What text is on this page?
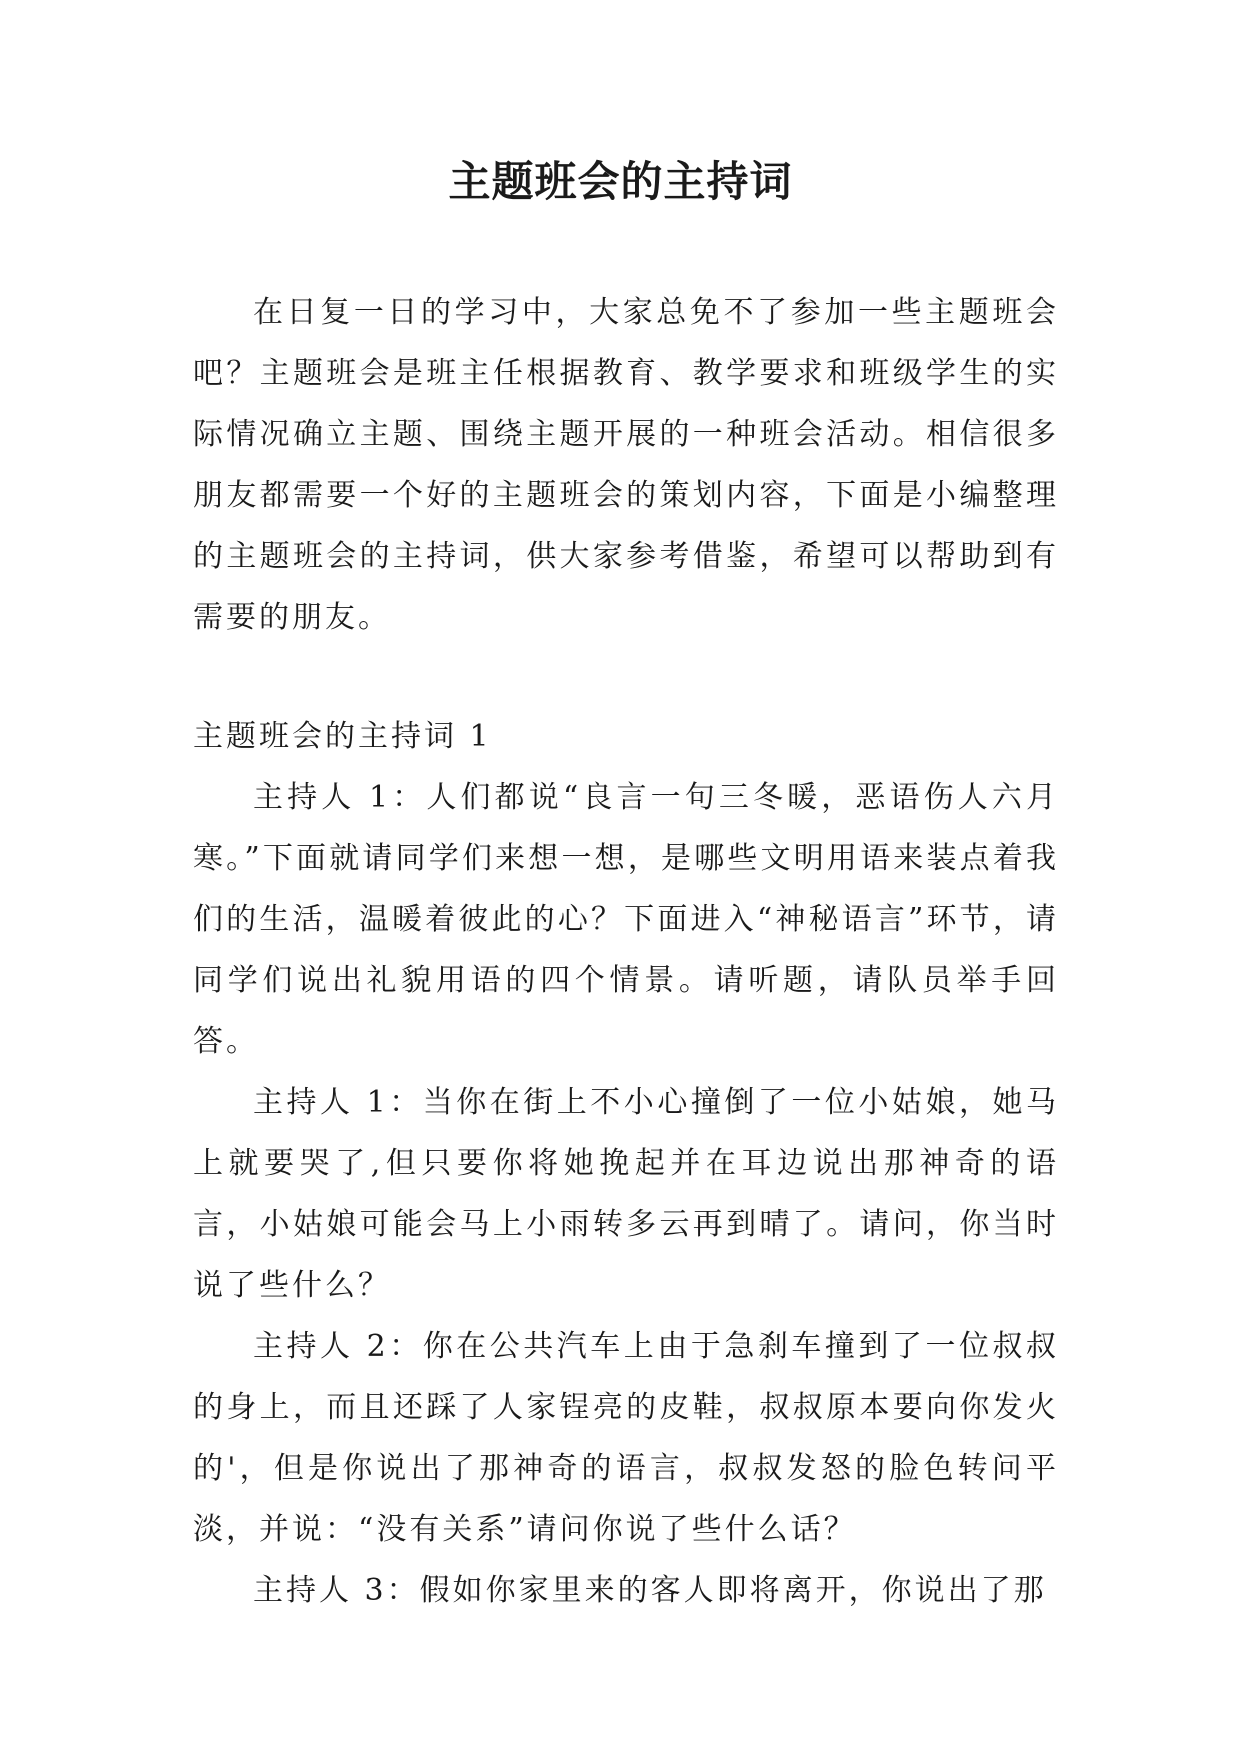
主题班会的主持词

在日复一日的学习中，大家总免不了参加一些主题班会吧？主题班会是班主任根据教育、教学要求和班级学生的实际情况确立主题、围绕主题开展的一种班会活动。相信很多朋友都需要一个好的主题班会的策划内容，下面是小编整理的主题班会的主持词，供大家参考借鉴，希望可以帮助到有需要的朋友。

主题班会的主持词 1

主持人 1：人们都说“良言一句三冬暖，恶语伤人六月寒。”下面就请同学们来想一想，是哪些文明用语来装点着我们的生活，温暖着彼此的心？下面进入“神秘语言”环节，请同学们说出礼貌用语的四个情景。请听题，请队员举手回答。

主持人 1：当你在街上不小心撞倒了一位小姑娘，她马上就要哭了,但只要你将她挽起并在耳边说出那神奇的语言，小姑娘可能会马上小雨转多云再到晴了。请问，你当时说了些什么？

主持人 2：你在公共汽车上由于急刹车撞到了一位叔叔的身上，而且还踩了人家锃亮的皮鞋，叔叔原本要向你发火的'，但是你说出了那神奇的语言，叔叔发怒的脸色转问平淡，并说：“没有关系”请问你说了些什么话？

主持人 3：假如你家里来的客人即将离开，你说出了那
